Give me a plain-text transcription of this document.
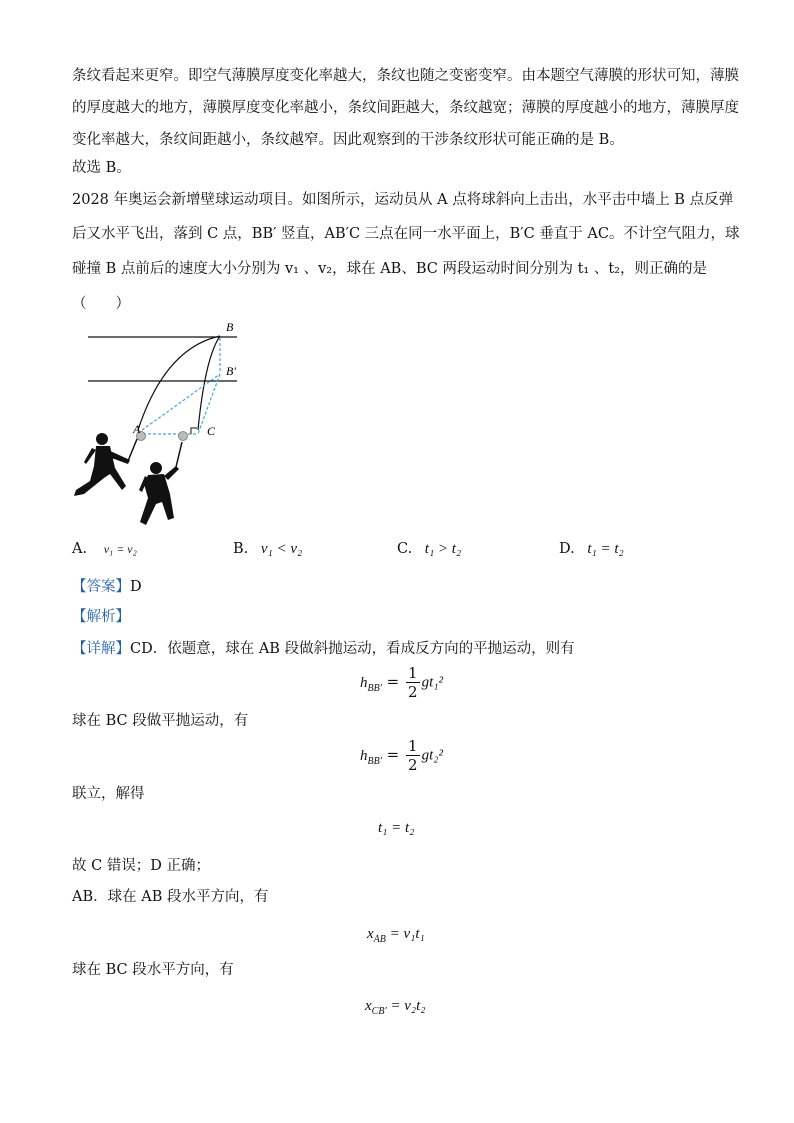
条纹看起来更窄。即空气薄膜厚度变化率越大，条纹也随之变密变窄。由本题空气薄膜的形状可知，薄膜
的厚度越大的地方，薄膜厚度变化率越小，条纹间距越大，条纹越宽；薄膜的厚度越小的地方，薄膜厚度
变化率越大，条纹间距越小，条纹越窄。因此观察到的干涉条纹形状可能正确的是 B。
故选 B。
2028 年奥运会新增壁球运动项目。如图所示，运动员从 A 点将球斜向上击出，水平击中墙上 B 点反弹
后又水平飞出，落到 C 点，BB′ 竖直，AB′C 三点在同一水平面上，B′C 垂直于 AC。不计空气阻力，球
碰撞 B 点前后的速度大小分别为 v₁ 、v₂，球在 AB、BC 两段运动时间分别为 t₁ 、t₂，则正确的是
（　　）
B
B′
A	C
A. v₁ = v₂	B. v₁ < v₂	C. t₁ > t₂	D. t₁ = t₂
【答案】D
【解析】
【详解】CD．依题意，球在 AB 段做斜抛运动，看成反方向的平抛运动，则有
$h_{BB'} = \frac{1}{2} gt_1^2$
球在 BC 段做平抛运动，有
$h_{BB'} = \frac{1}{2} gt_2^2$
联立，解得
t₁ = t₂
故 C 错误；D 正确；
AB．球在 AB 段水平方向，有
$x_{AB} = v_1t_1$
球在 BC 段水平方向，有
$x_{CB'} = v_2t_2$
